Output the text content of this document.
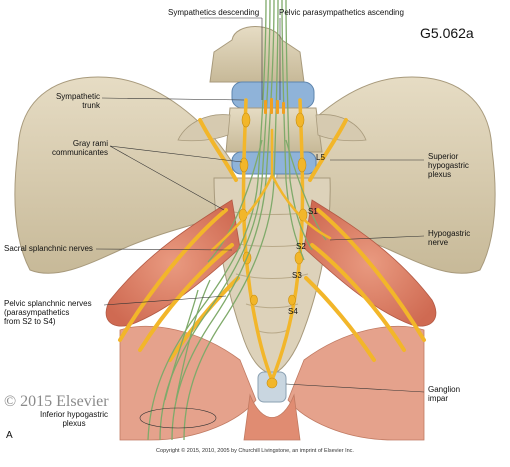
Sympathetics descending Pelvic parasympathetics ascending
G5.062a
Sympathetic
trunk
Gray rami
communicantes
Sacral splanchnic nerves
Pelvic splanchnic nerves
(parasympathetics
from S2 to S4)
Inferior hypogastric
plexus
Superior
hypogastric
plexus
Hypogastric
nerve
Ganglion
impar
L5
S1
S2
S3
S4
© 2015 Elsevier
A
Copyright © 2015, 2010, 2005 by Churchill Livingstone, an imprint of Elsevier Inc.
